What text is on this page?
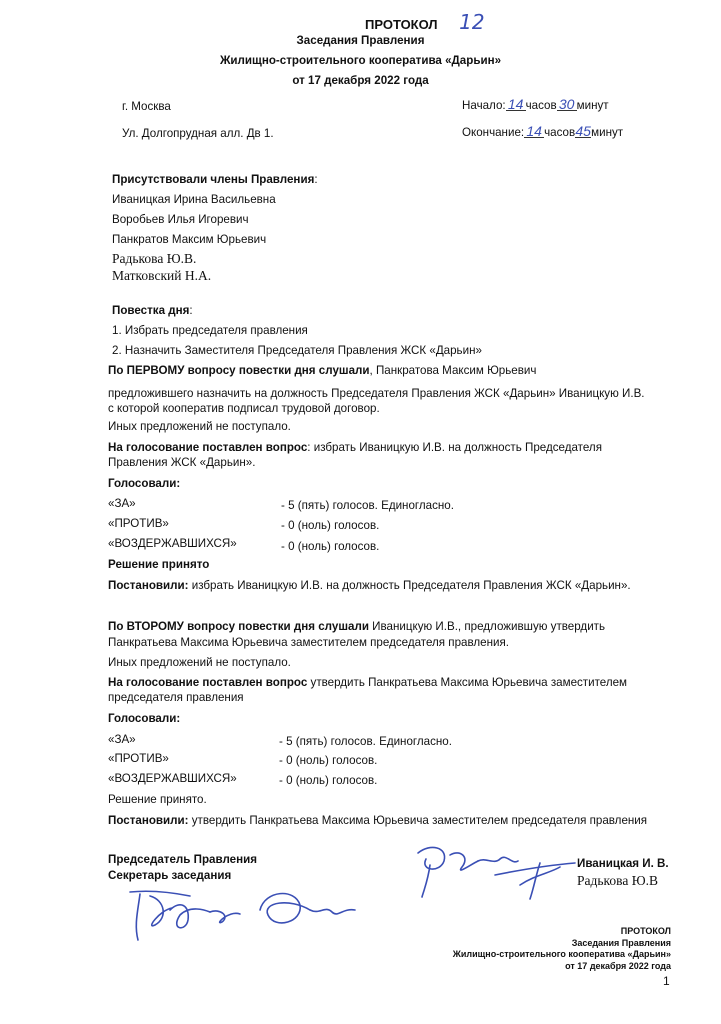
ПРОТОКОЛ 12
Заседания Правления
Жилищно-строительного кооператива «Дарьин»
от 17 декабря 2022 года
г. Москва
Ул. Долгопрудная алл. Дв 1.
Начало: 14 часов 30 минут
Окончание: 14 часов45минут
Присутствовали члены Правления:
Иваницкая Ирина Васильевна
Воробьев Илья Игоревич
Панкратов Максим Юрьевич
Радькова Ю.В.
Матковский Н.А.
Повестка дня:
1. Избрать председателя правления
2. Назначить Заместителя Председателя Правления ЖСК «Дарьин»
По ПЕРВОМУ вопросу повестки дня слушали, Панкратова Максим Юрьевич
предложившего назначить на должность Председателя Правления ЖСК «Дарьин» Иваницкую И.В.
с которой кооператив подписал трудовой договор.
Иных предложений не поступало.
На голосование поставлен вопрос: избрать Иваницкую И.В. на должность Председателя
Правления ЖСК «Дарьин».
Голосовали:
«ЗА»	- 5 (пять) голосов. Единогласно.
«ПРОТИВ»	- 0 (ноль) голосов.
«ВОЗДЕРЖАВШИХСЯ»	- 0 (ноль) голосов.
Решение принято
Постановили: избрать Иваницкую И.В. на должность Председателя Правления ЖСК «Дарьин».
По ВТОРОМУ вопросу повестки дня слушали Иваницкую И.В., предложившую утвердить
Панкратьева Максима Юрьевича заместителем председателя правления.
Иных предложений не поступало.
На голосование поставлен вопрос утвердить Панкратьева Максима Юрьевича заместителем
председателя правления
Голосовали:
«ЗА»	- 5 (пять) голосов. Единогласно.
«ПРОТИВ»	- 0 (ноль) голосов.
«ВОЗДЕРЖАВШИХСЯ»	- 0 (ноль) голосов.
Решение принято.
Постановили: утвердить Панкратьева Максима Юрьевича заместителем председателя правления
Председатель Правления
Секретарь заседания
Иваницкая И. В.
Радькова Ю.В
ПРОТОКОЛ
Заседания Правления
Жилищно-строительного кооператива «Дарьин»
от 17 декабря 2022 года
1
